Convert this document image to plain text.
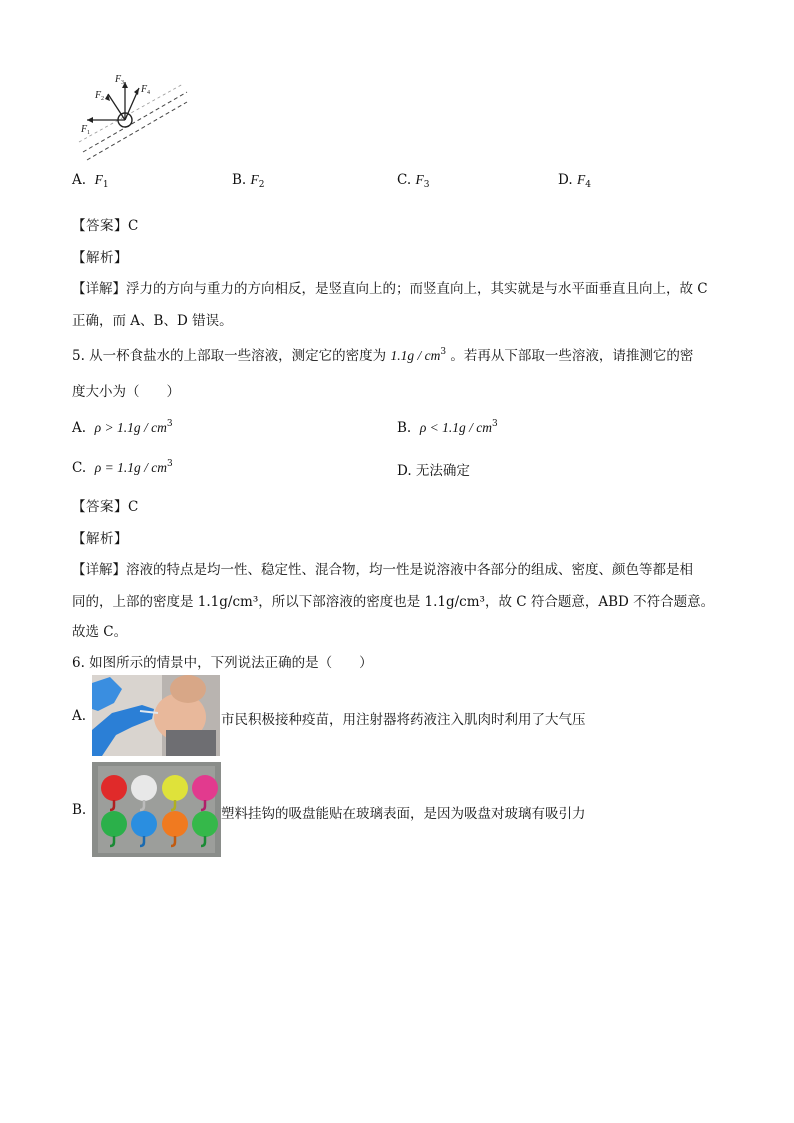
F 1
F 2
F 3
F 4
A. $F_1$	B. $F_2$	C. $F_3$	D. $F_4$
【答案】C
【解析】
【详解】浮力的方向与重力的方向相反，是竖直向上的；而竖直向上，其实就是与水平面垂直且向上，故 C
正确，而 A、B、D 错误。
5. 从一杯食盐水的上部取一些溶液，测定它的密度为 $1.1g / cm^3$ 。若再从下部取一些溶液，请推测它的密
度大小为（　　）
A. $\rho > 1.1g / cm^3$	B. $\rho < 1.1g / cm^3$
C. $\rho = 1.1g / cm^3$	D. 无法确定
【答案】C
【解析】
【详解】溶液的特点是均一性、稳定性、混合物，均一性是说溶液中各部分的组成、密度、颜色等都是相
同的，上部的密度是 1.1g/cm³，所以下部溶液的密度也是 1.1g/cm³，故 C 符合题意，ABD 不符合题意。
故选 C。
6. 如图所示的情景中，下列说法正确的是（　　）
A.	市民积极接种疫苗，用注射器将药液注入肌肉时利用了大气压
B.	塑料挂钩的吸盘能贴在玻璃表面，是因为吸盘对玻璃有吸引力
